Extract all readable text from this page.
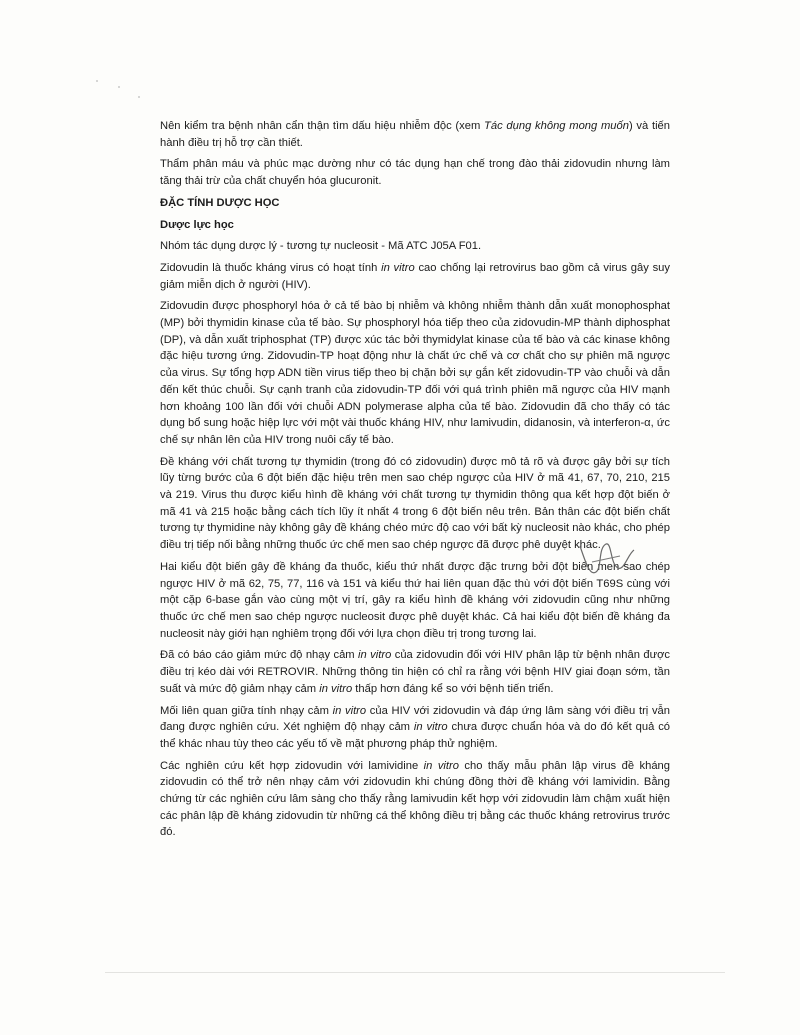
Nên kiểm tra bệnh nhân cẩn thận tìm dấu hiệu nhiễm độc (xem Tác dụng không mong muốn) và tiến hành điều trị hỗ trợ cần thiết.

Thẩm phân máu và phúc mạc dường như có tác dụng hạn chế trong đào thải zidovudin nhưng làm tăng thải trừ của chất chuyển hóa glucuronit.

ĐẶC TÍNH DƯỢC HỌC
Dược lực học

Nhóm tác dụng dược lý - tương tự nucleosit - Mã ATC J05A F01.

Zidovudin là thuốc kháng virus có hoạt tính in vitro cao chống lại retrovirus bao gồm cả virus gây suy giảm miễn dịch ở người (HIV).

Zidovudin được phosphoryl hóa ở cả tế bào bị nhiễm và không nhiễm thành dẫn xuất monophosphat (MP) bởi thymidin kinase của tế bào. Sự phosphoryl hóa tiếp theo của zidovudin-MP thành diphosphat (DP), và dẫn xuất triphosphat (TP) được xúc tác bởi thymidylat kinase của tế bào và các kinase không đặc hiệu tương ứng. Zidovudin-TP hoạt động như là chất ức chế và cơ chất cho sự phiên mã ngược của virus. Sự tổng hợp ADN tiền virus tiếp theo bị chặn bởi sự gắn kết zidovudin-TP vào chuỗi và dẫn đến kết thúc chuỗi. Sự cạnh tranh của zidovudin-TP đối với quá trình phiên mã ngược của HIV mạnh hơn khoảng 100 lần đối với chuỗi ADN polymerase alpha của tế bào. Zidovudin đã cho thấy có tác dụng bổ sung hoặc hiệp lực với một vài thuốc kháng HIV, như lamivudin, didanosin, và interferon-α, ức chế sự nhân lên của HIV trong nuôi cấy tế bào.

Đề kháng với chất tương tự thymidin (trong đó có zidovudin) được mô tả rõ và được gây bởi sự tích lũy từng bước của 6 đột biến đặc hiệu trên men sao chép ngược của HIV ở mã 41, 67, 70, 210, 215 và 219. Virus thu được kiểu hình đề kháng với chất tương tự thymidin thông qua kết hợp đột biến ở mã 41 và 215 hoặc bằng cách tích lũy ít nhất 4 trong 6 đột biến nêu trên. Bản thân các đột biến chất tương tự thymidine này không gây đề kháng chéo mức độ cao với bất kỳ nucleosit nào khác, cho phép điều trị tiếp nối bằng những thuốc ức chế men sao chép ngược đã được phê duyệt khác.

Hai kiểu đột biến gây đề kháng đa thuốc, kiểu thứ nhất được đặc trưng bởi đột biến men sao chép ngược HIV ở mã 62, 75, 77, 116 và 151 và kiểu thứ hai liên quan đặc thù với đột biến T69S cùng với một cặp 6-base gắn vào cùng một vị trí, gây ra kiểu hình đề kháng với zidovudin cũng như những thuốc ức chế men sao chép ngược nucleosit được phê duyệt khác. Cả hai kiểu đột biến đề kháng đa nucleosit này giới hạn nghiêm trọng đối với lựa chọn điều trị trong tương lai.

Đã có báo cáo giảm mức độ nhạy cảm in vitro của zidovudin đối với HIV phân lập từ bệnh nhân được điều trị kéo dài với RETROVIR. Những thông tin hiện có chỉ ra rằng với bệnh HIV giai đoạn sớm, tần suất và mức độ giảm nhạy cảm in vitro thấp hơn đáng kể so với bệnh tiến triển.

Mối liên quan giữa tính nhạy cảm in vitro của HIV với zidovudin và đáp ứng lâm sàng với điều trị vẫn đang được nghiên cứu. Xét nghiệm độ nhạy cảm in vitro chưa được chuẩn hóa và do đó kết quả có thể khác nhau tùy theo các yếu tố về mặt phương pháp thử nghiệm.

Các nghiên cứu kết hợp zidovudin với lamividine in vitro cho thấy mẫu phân lập virus đề kháng zidovudin có thể trở nên nhạy cảm với zidovudin khi chúng đồng thời đề kháng với lamividin. Bằng chứng từ các nghiên cứu lâm sàng cho thấy rằng lamivudin kết hợp với zidovudin làm chậm xuất hiện các phân lập đề kháng zidovudin từ những cá thể không điều trị bằng các thuốc kháng retrovirus trước đó.
